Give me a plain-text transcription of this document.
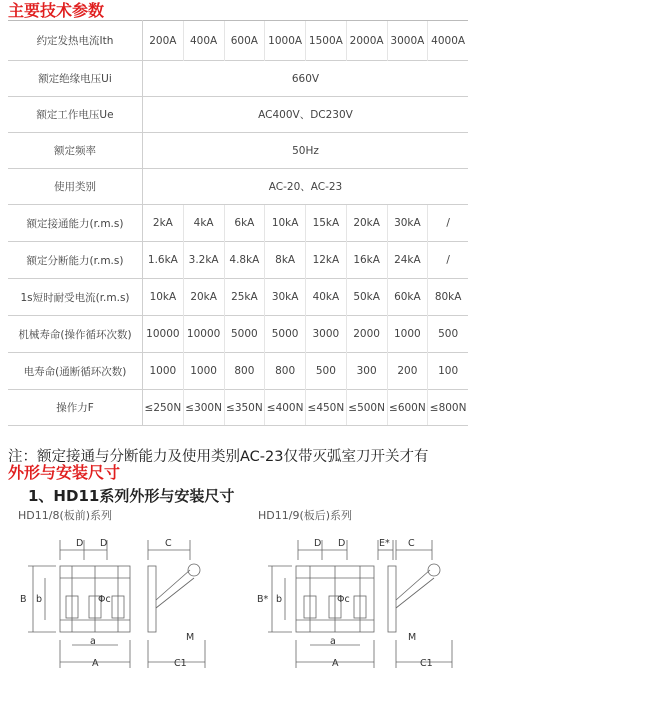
主要技术参数
约定发热电流Ith	200A	400A	600A	1000A	1500A	2000A	3000A	4000A
额定绝缘电压Ui	660V							
额定工作电压Ue	AC400V、DC230V							
额定频率	50Hz							
使用类别	AC-20、AC-23							
额定接通能力(r.m.s)	2kA	4kA	6kA	10kA	15kA	20kA	30kA	/
额定分断能力(r.m.s)	1.6kA	3.2kA	4.8kA	8kA	12kA	16kA	24kA	/
1s短时耐受电流(r.m.s)	10kA	20kA	25kA	30kA	40kA	50kA	60kA	80kA
机械寿命(操作循环次数)	10000	10000	5000	5000	3000	2000	1000	500
电寿命(通断循环次数)	1000	1000	800	800	500	300	200	100
操作力F	≤250N	≤300N	≤350N	≤400N	≤450N	≤500N	≤600N	≤800N
注：额定接通与分断能力及使用类别AC-23仅带灭弧室刀开关才有
外形与安装尺寸
1、HD11系列外形与安装尺寸
HD11/8(板前)系列	HD11/9(板后)系列
D D	C
B b	Φc
a
A	C1
M
D D	E* C
B* b	Φc
a
A	C1
M
